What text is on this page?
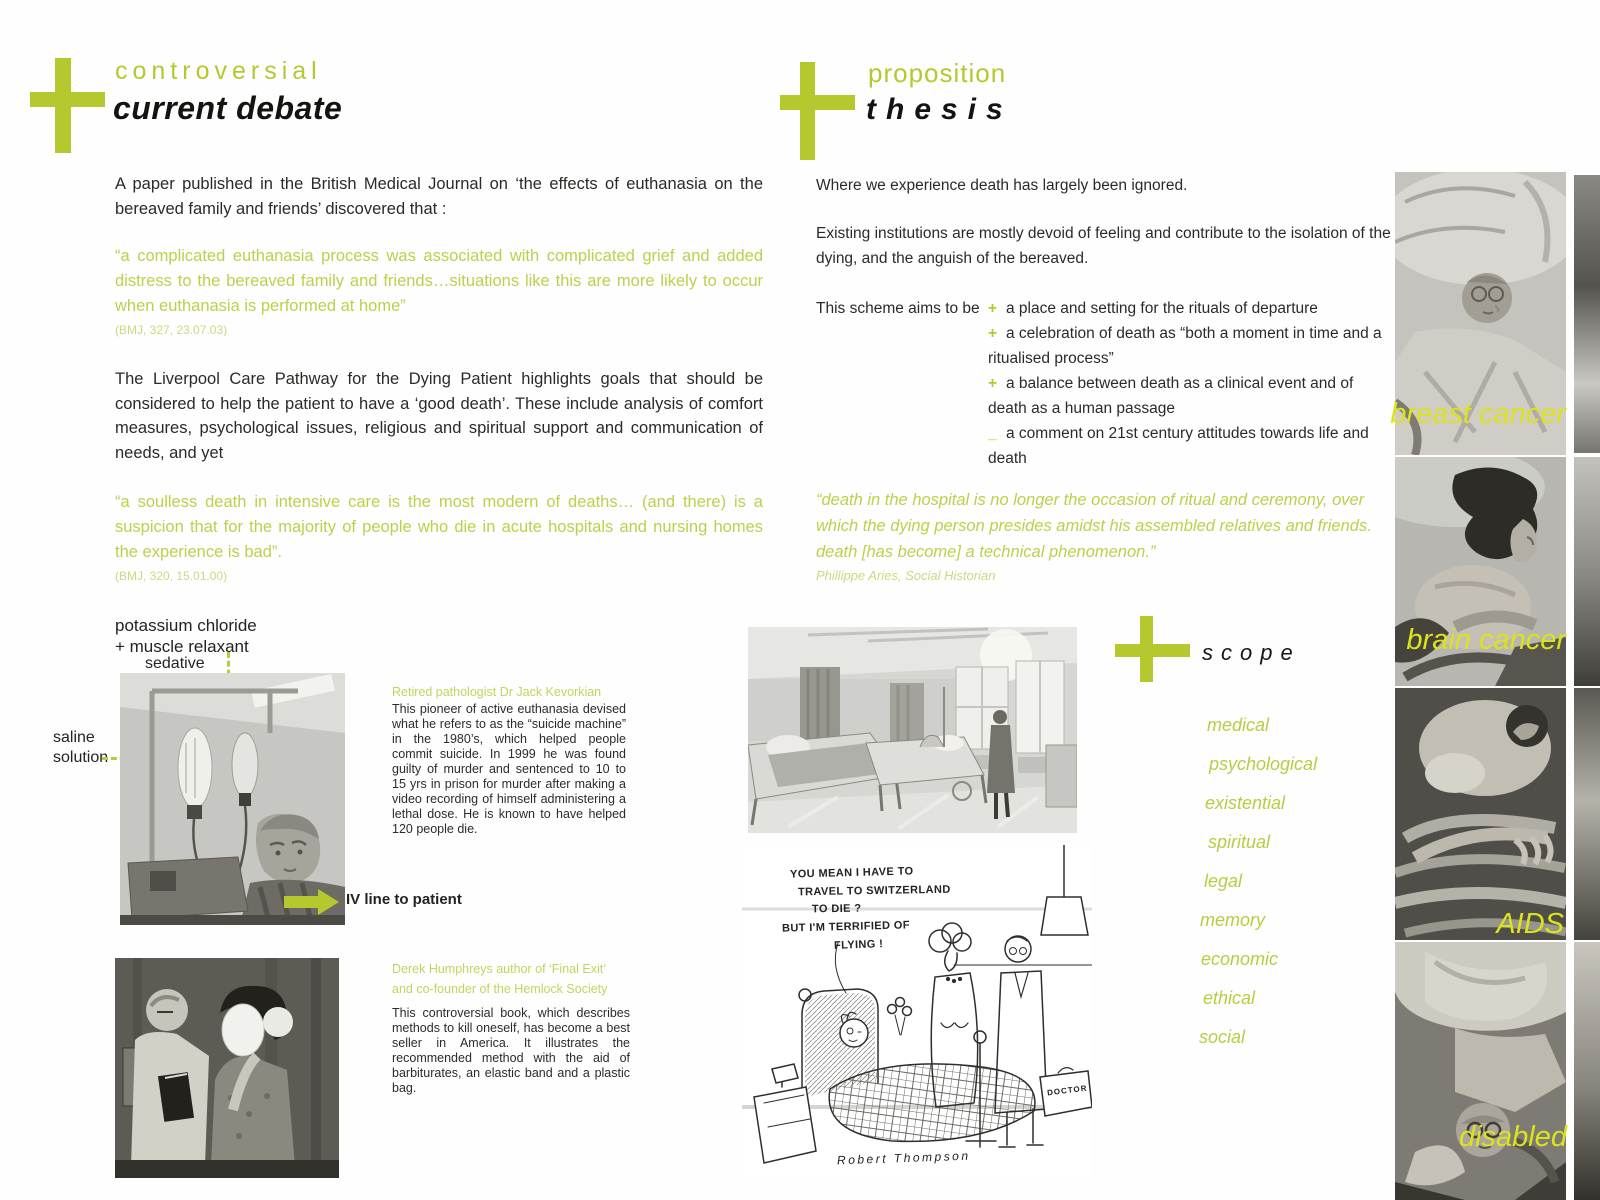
controversial
current debate
A paper published in the British Medical Journal on ‘the effects of euthanasia on the bereaved family and friends’ discovered that :
“a complicated euthanasia process was associated with complicated grief and added distress to the bereaved family and friends…situations like this are more likely to occur when euthanasia is performed at home”
(BMJ, 327, 23.07.03)
The Liverpool Care Pathway for the Dying Patient highlights goals that should be considered to help the patient to have a ‘good death’. These include analysis of comfort measures, psychological issues, religious and spiritual support and communication of needs, and yet
“a soulless death in intensive care is the most modern of deaths… (and there) is a suspicion that for the majority of people who die in acute hospitals and nursing homes the experience is bad”.
(BMJ, 320, 15.01.00)
potassium chloride
+ muscle relaxant
sedative
saline
solution
IV line to patient
Retired pathologist Dr Jack Kevorkian
This pioneer of active euthanasia devised what he refers to as the “suicide machine” in the 1980’s, which helped people commit suicide. In 1999 he was found guilty of murder and sentenced to 10 to 15 yrs in prison for murder after making a video recording of himself administering a lethal dose. He is known to have helped 120 people die.
Derek Humphreys author of ‘Final Exit’
and co-founder of the Hemlock Society
This controversial book, which describes methods to kill oneself, has become a best seller in America. It illustrates the recommended method with the aid of barbiturates, an elastic band and a plastic bag.
proposition
thesis
Where we experience death has largely been ignored.
Existing institutions are mostly devoid of feeling and contribute to the isolation of the dying, and the anguish of the bereaved.
This scheme aims to be + a place and setting for the rituals of departure
+ a celebration of death as “both a moment in time and a ritualised process”
+ a balance between death as a clinical event and of death as a human passage
_ a comment on 21st century attitudes towards life and death
“death in the hospital is no longer the occasion of ritual and ceremony, over which the dying person presides amidst his assembled relatives and friends. death [has become] a technical phenomenon.”
Phillippe Aries, Social Historian
YOU MEAN I HAVE TO
TRAVEL TO SWITZERLAND
TO DIE ?
BUT I'M TERRIFIED OF
FLYING !
DOCTOR
Robert Thompson
scope
medical
psychological
existential
spiritual
legal
memory
economic
ethical
social
breast cancer
brain cancer
AIDS
disabled
